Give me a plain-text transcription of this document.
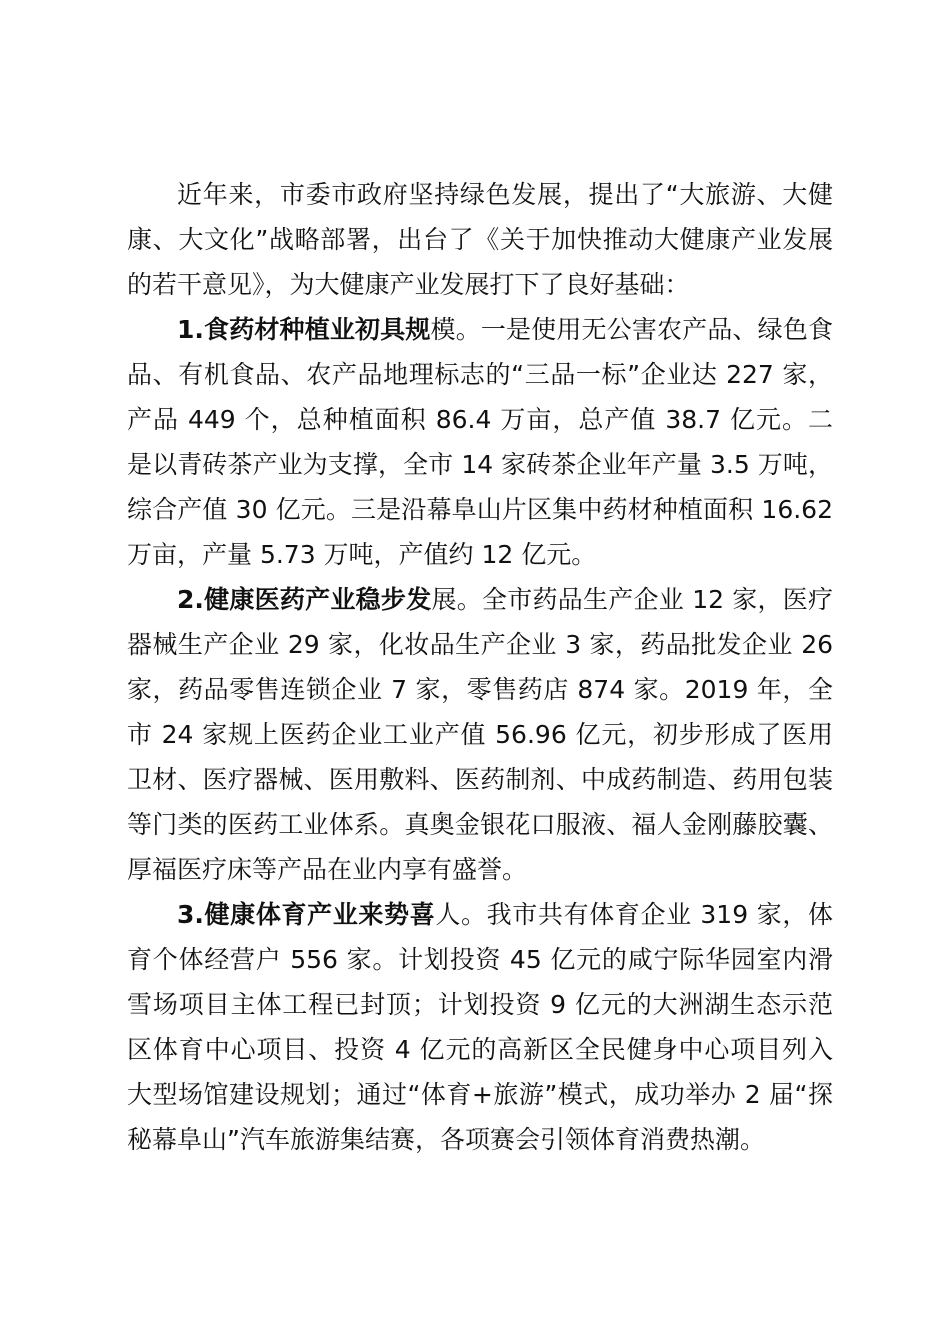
近年来，市委市政府坚持绿色发展，提出了“大旅游、大健康、大文化”战略部署，出台了《关于加快推动大健康产业发展的若干意见》，为大健康产业发展打下了良好基础：

1.食药材种植业初具规模。一是使用无公害农产品、绿色食品、有机食品、农产品地理标志的“三品一标”企业达 227 家，产品 449 个，总种植面积 86.4 万亩，总产值 38.7 亿元。二是以青砖茶产业为支撑，全市 14 家砖茶企业年产量 3.5 万吨，综合产值 30 亿元。三是沿幕阜山片区集中药材种植面积 16.62 万亩，产量 5.73 万吨，产值约 12 亿元。

2.健康医药产业稳步发展。全市药品生产企业 12 家，医疗器械生产企业 29 家，化妆品生产企业 3 家，药品批发企业 26 家，药品零售连锁企业 7 家，零售药店 874 家。2019 年，全市 24 家规上医药企业工业产值 56.96 亿元，初步形成了医用卫材、医疗器械、医用敷料、医药制剂、中成药制造、药用包装等门类的医药工业体系。真奥金银花口服液、福人金刚藤胶囊、厚福医疗床等产品在业内享有盛誉。

3.健康体育产业来势喜人。我市共有体育企业 319 家，体育个体经营户 556 家。计划投资 45 亿元的咸宁际华园室内滑雪场项目主体工程已封顶；计划投资 9 亿元的大洲湖生态示范区体育中心项目、投资 4 亿元的高新区全民健身中心项目列入大型场馆建设规划；通过“体育+旅游”模式，成功举办 2 届“探秘幕阜山”汽车旅游集结赛，各项赛会引领体育消费热潮。
